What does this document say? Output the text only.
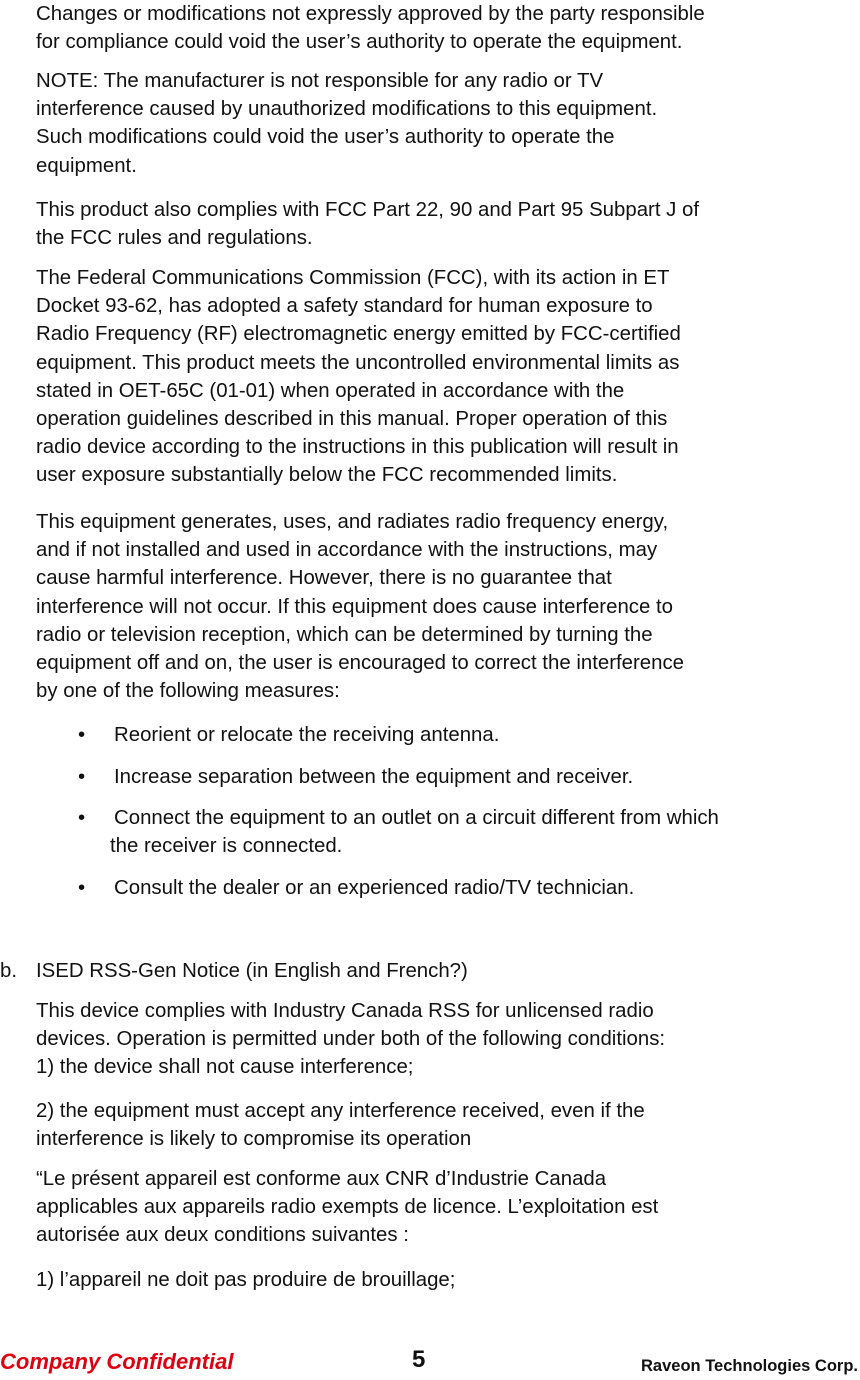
Changes or modifications not expressly approved by the party responsible
for compliance could void the user’s authority to operate the equipment.

NOTE: The manufacturer is not responsible for any radio or TV
interference caused by unauthorized modifications to this equipment.
Such modifications could void the user’s authority to operate the
equipment.

This product also complies with FCC Part 22, 90 and Part 95 Subpart J of
the FCC rules and regulations.

The Federal Communications Commission (FCC), with its action in ET
Docket 93-62, has adopted a safety standard for human exposure to
Radio Frequency (RF) electromagnetic energy emitted by FCC-certified
equipment. This product meets the uncontrolled environmental limits as
stated in OET-65C (01-01) when operated in accordance with the
operation guidelines described in this manual. Proper operation of this
radio device according to the instructions in this publication will result in
user exposure substantially below the FCC recommended limits.

This equipment generates, uses, and radiates radio frequency energy,
and if not installed and used in accordance with the instructions, may
cause harmful interference. However, there is no guarantee that
interference will not occur. If this equipment does cause interference to
radio or television reception, which can be determined by turning the
equipment off and on, the user is encouraged to correct the interference
by one of the following measures:

•	Reorient or relocate the receiving antenna.
•	Increase separation between the equipment and receiver.
•	Connect the equipment to an outlet on a circuit different from which
the receiver is connected.
•	Consult the dealer or an experienced radio/TV technician.
b. ISED RSS-Gen Notice (in English and French?)

This device complies with Industry Canada RSS for unlicensed radio
devices. Operation is permitted under both of the following conditions:
1) the device shall not cause interference;

2) the equipment must accept any interference received, even if the
interference is likely to compromise its operation

“Le présent appareil est conforme aux CNR d’Industrie Canada
applicables aux appareils radio exempts de licence. L’exploitation est
autorisée aux deux conditions suivantes :

1) l’appareil ne doit pas produire de brouillage;

Company Confidential	5	Raveon Technologies Corp.
